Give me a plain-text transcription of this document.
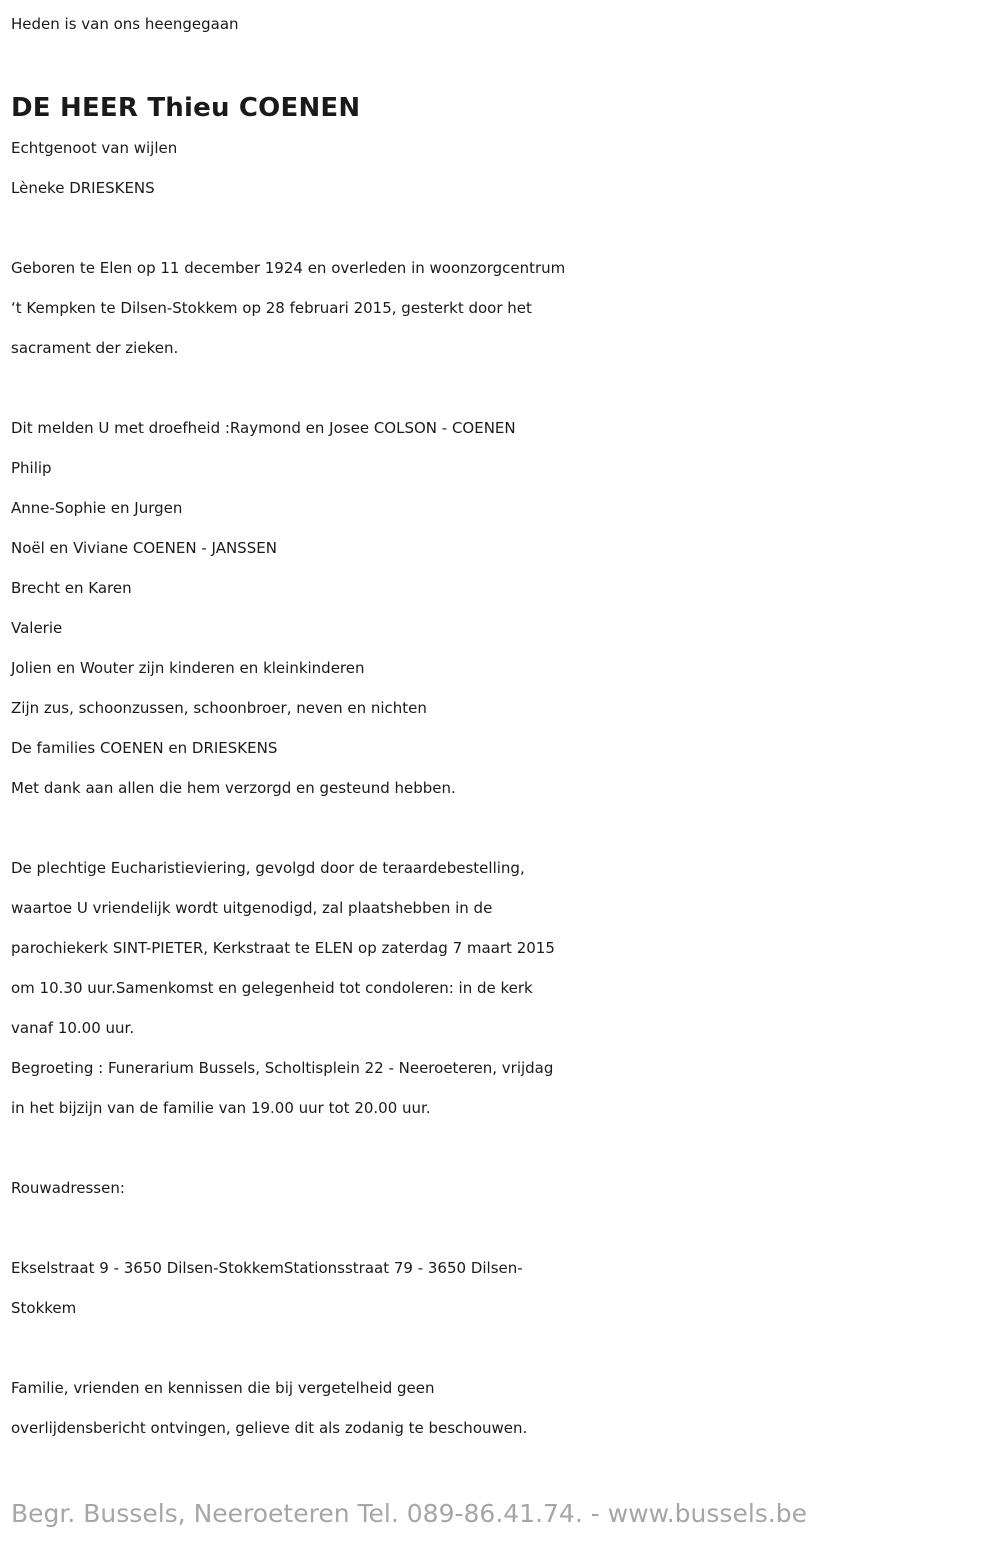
Heden is van ons heengegaan
DE HEER Thieu COENEN
Echtgenoot van wijlen
Lèneke DRIESKENS
Geboren te Elen op 11 december 1924 en overleden in woonzorgcentrum
‘t Kempken te Dilsen-Stokkem op 28 februari 2015, gesterkt door het
sacrament der zieken.
Dit melden U met droefheid :Raymond en Josee COLSON - COENEN
Philip
Anne-Sophie en Jurgen
Noël en Viviane COENEN - JANSSEN
Brecht en Karen
Valerie
Jolien en Wouter zijn kinderen en kleinkinderen
Zijn zus, schoonzussen, schoonbroer, neven en nichten
De families COENEN en DRIESKENS
Met dank aan allen die hem verzorgd en gesteund hebben.
De plechtige Eucharistieviering, gevolgd door de teraardebestelling,
waartoe U vriendelijk wordt uitgenodigd, zal plaatshebben in de
parochiekerk SINT-PIETER, Kerkstraat te ELEN op zaterdag 7 maart 2015
om 10.30 uur.Samenkomst en gelegenheid tot condoleren: in de kerk
vanaf 10.00 uur.
Begroeting : Funerarium Bussels, Scholtisplein 22 - Neeroeteren, vrijdag
in het bijzijn van de familie van 19.00 uur tot 20.00 uur.
Rouwadressen:
Ekselstraat 9 - 3650 Dilsen-StokkemStationsstraat 79 - 3650 Dilsen-
Stokkem
Familie, vrienden en kennissen die bij vergetelheid geen
overlijdensbericht ontvingen, gelieve dit als zodanig te beschouwen.
Begr. Bussels, Neeroeteren Tel. 089-86.41.74. - www.bussels.be
